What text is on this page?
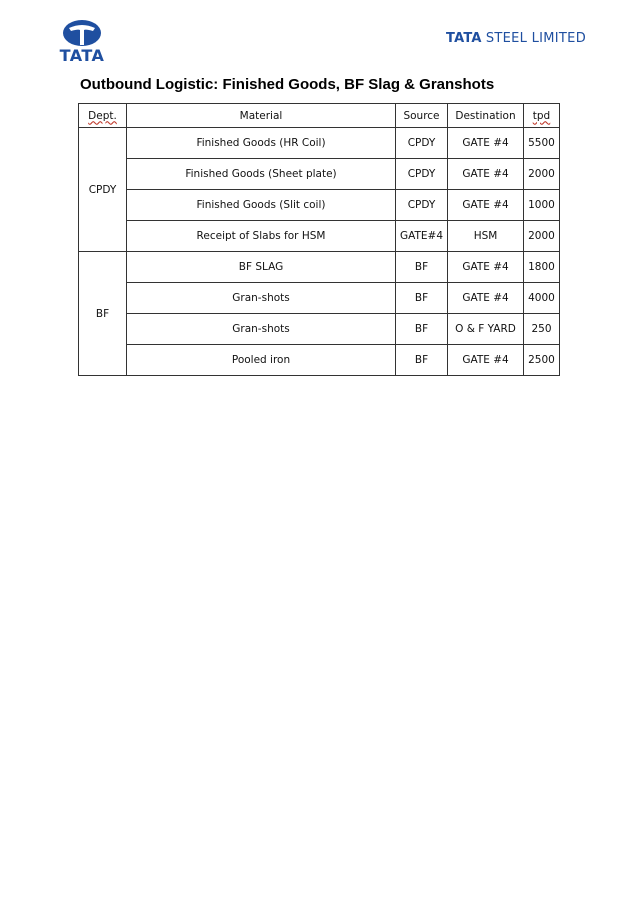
TATA
TATA STEEL LIMITED
Outbound Logistic: Finished Goods, BF Slag & Granshots
Dept.	Material	Source	Destination	tpd
CPDY	Finished Goods (HR Coil)	CPDY	GATE #4	5500
	Finished Goods (Sheet plate)	CPDY	GATE #4	2000
	Finished Goods (Slit coil)	CPDY	GATE #4	1000
	Receipt of Slabs for HSM	GATE#4	HSM	2000
BF	BF SLAG	BF	GATE #4	1800
	Gran-shots	BF	GATE #4	4000
	Gran-shots	BF	O & F YARD	250
	Pooled iron	BF	GATE #4	2500
